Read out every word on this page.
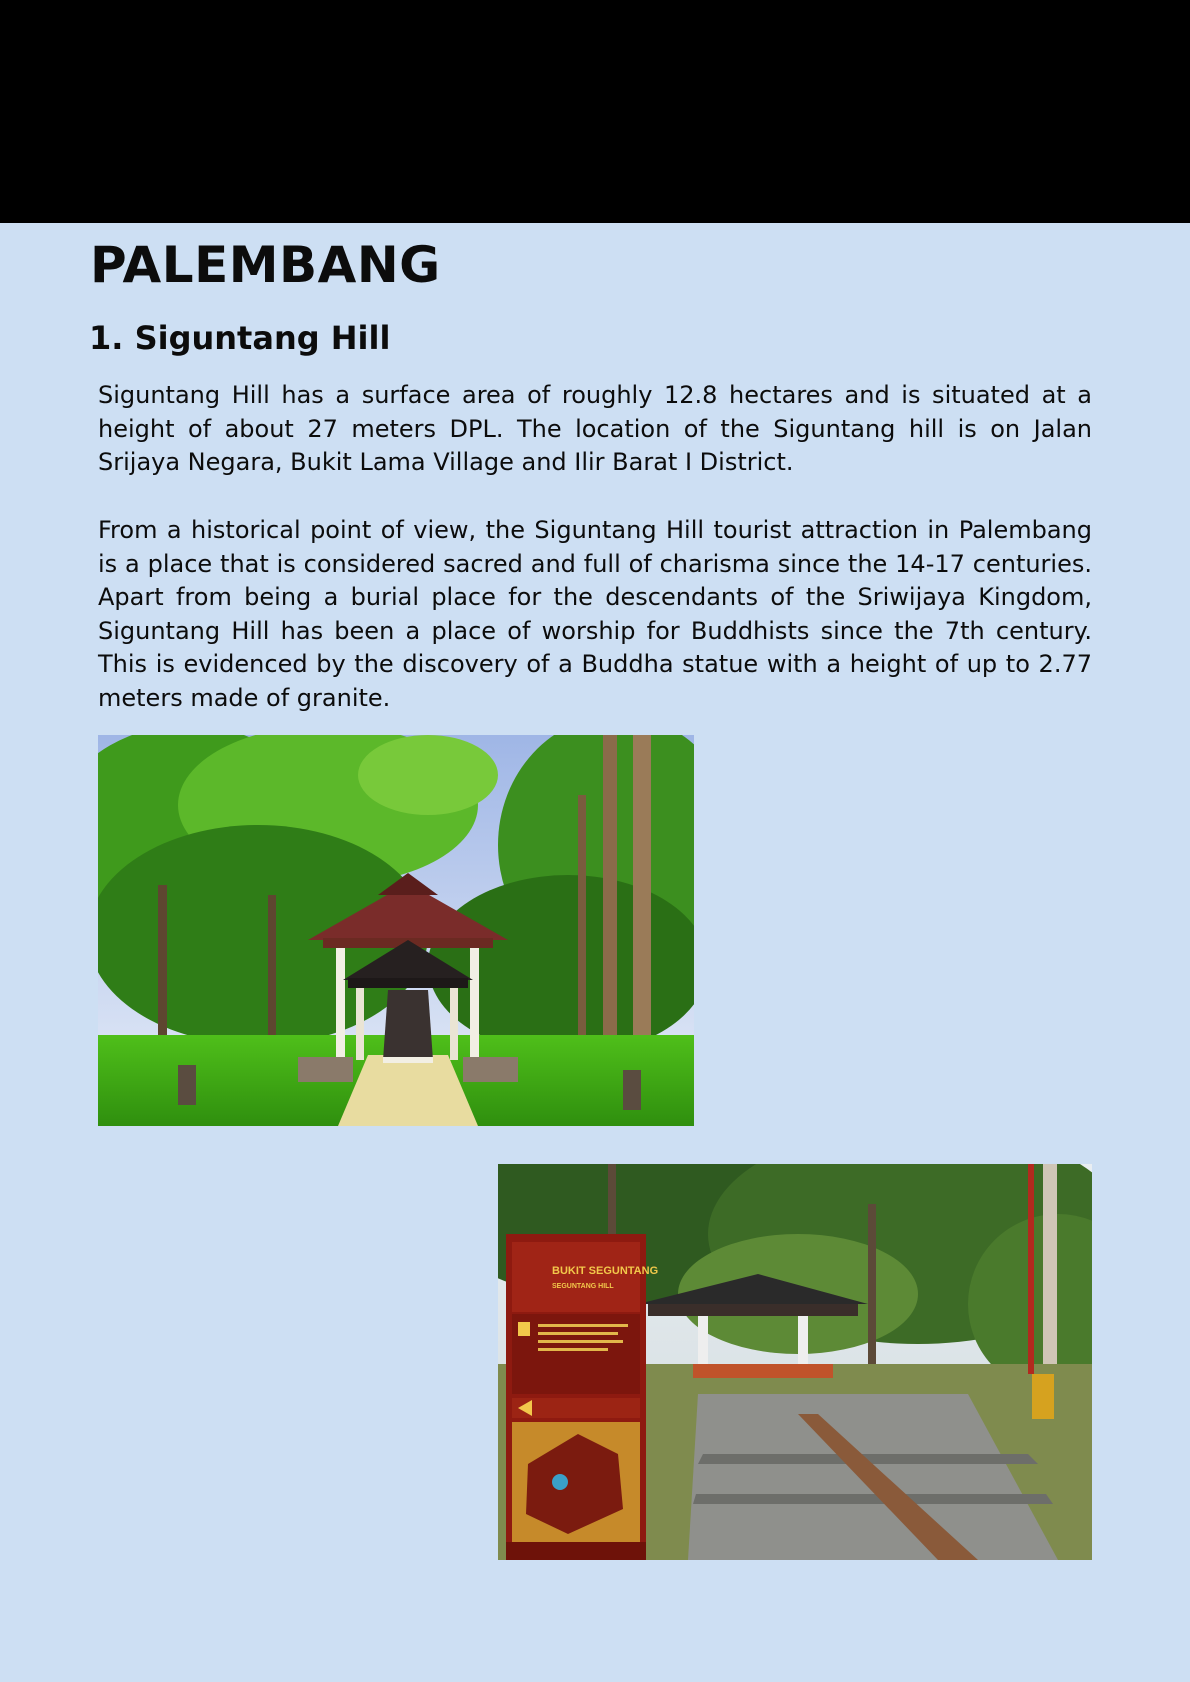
PALEMBANG
1. Siguntang Hill

Siguntang Hill has a surface area of roughly 12.8 hectares and is situated at a height of about 27 meters DPL. The location of the Siguntang hill is on Jalan Srijaya Negara, Bukit Lama Village and Ilir Barat I District.

From a historical point of view, the Siguntang Hill tourist attraction in Palembang is a place that is considered sacred and full of charisma since the 14-17 centuries. Apart from being a burial place for the descendants of the Sriwijaya Kingdom, Siguntang Hill has been a place of worship for Buddhists since the 7th century. This is evidenced by the discovery of a Buddha statue with a height of up to 2.77 meters made of granite.

BUKIT SEGUNTANG
SEGUNTANG HILL
